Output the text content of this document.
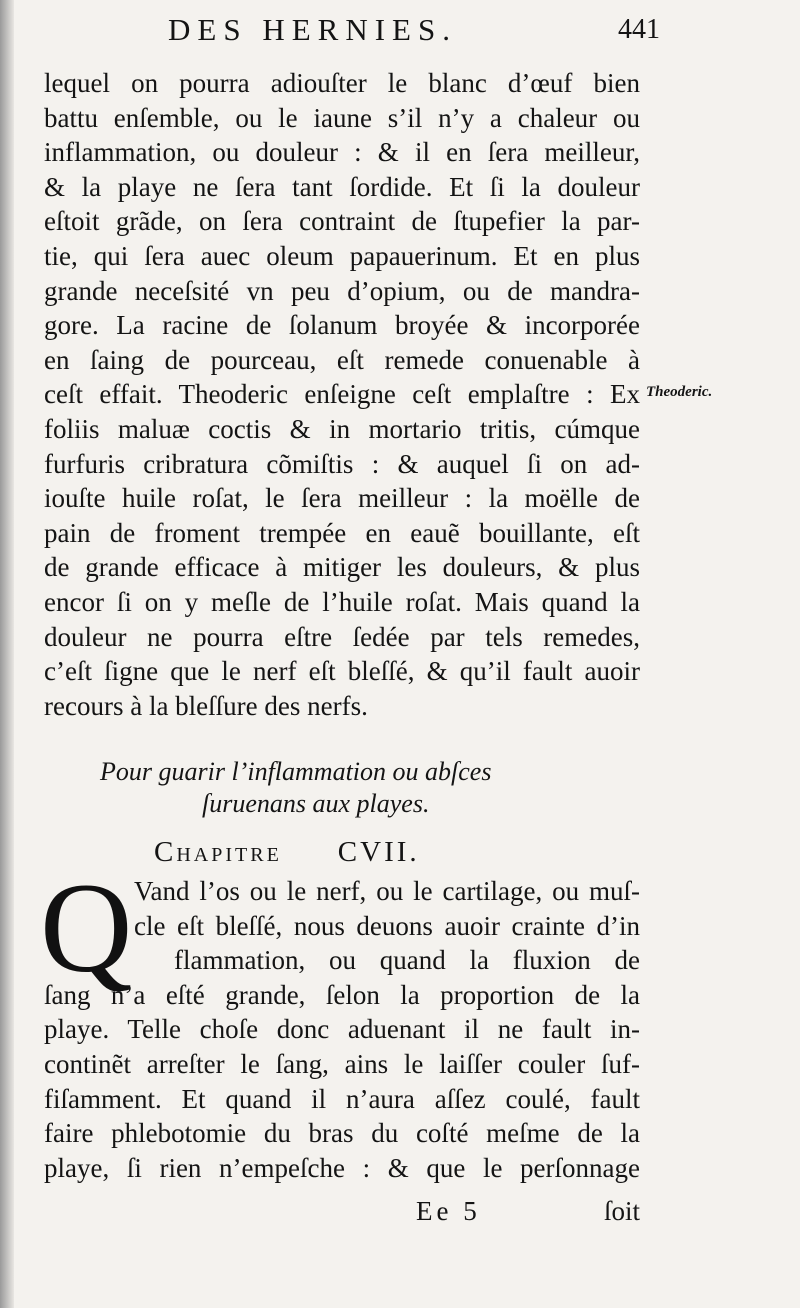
DES HERNIES.	441
lequel on pourra adiouſter le blanc d’œuf bien
battu enſemble, ou le iaune s’il n’y a chaleur ou
inflammation, ou douleur : & il en ſera meilleur,
& la playe ne ſera tant ſordide. Et ſi la douleur
eſtoit grãde, on ſera contraint de ſtupefier la par-
tie, qui ſera auec oleum papauerinum. Et en plus
grande neceſsité vn peu d’opium, ou de mandra-
gore. La racine de ſolanum broyée & incorporée
en ſaing de pourceau, eſt remede conuenable à
ceſt effait. Theoderic enſeigne ceſt emplaſtre : Ex
foliis maluæ coctis & in mortario tritis, cúmque
furfuris cribratura cõmiſtis : & auquel ſi on ad-
iouſte huile roſat, le ſera meilleur : la moëlle de
pain de froment trempée en eauẽ bouillante, eſt
de grande efficace à mitiger les douleurs, & plus
encor ſi on y meſle de l’huile roſat. Mais quand la
douleur ne pourra eſtre ſedée par tels remedes,
c’eſt ſigne que le nerf eſt bleſſé, & qu’il fault auoir
recours à la bleſſure des nerfs.
Theoderic.
Pour guarir l’inflammation ou abſces
ſuruenans aux playes.
Chapitre CVII.
Q Vand l’os ou le nerf, ou le cartilage, ou muſ-
cle eſt bleſſé, nous deuons auoir crainte d’in
flammation, ou quand la fluxion de
ſang n’a eſté grande, ſelon la proportion de la
playe. Telle choſe donc aduenant il ne fault in-
continẽt arreſter le ſang, ains le laiſſer couler ſuf-
fiſamment. Et quand il n’aura aſſez coulé, fault
faire phlebotomie du bras du coſté meſme de la
playe, ſi rien n’empeſche : & que le perſonnage
Ee 5	ſoit
